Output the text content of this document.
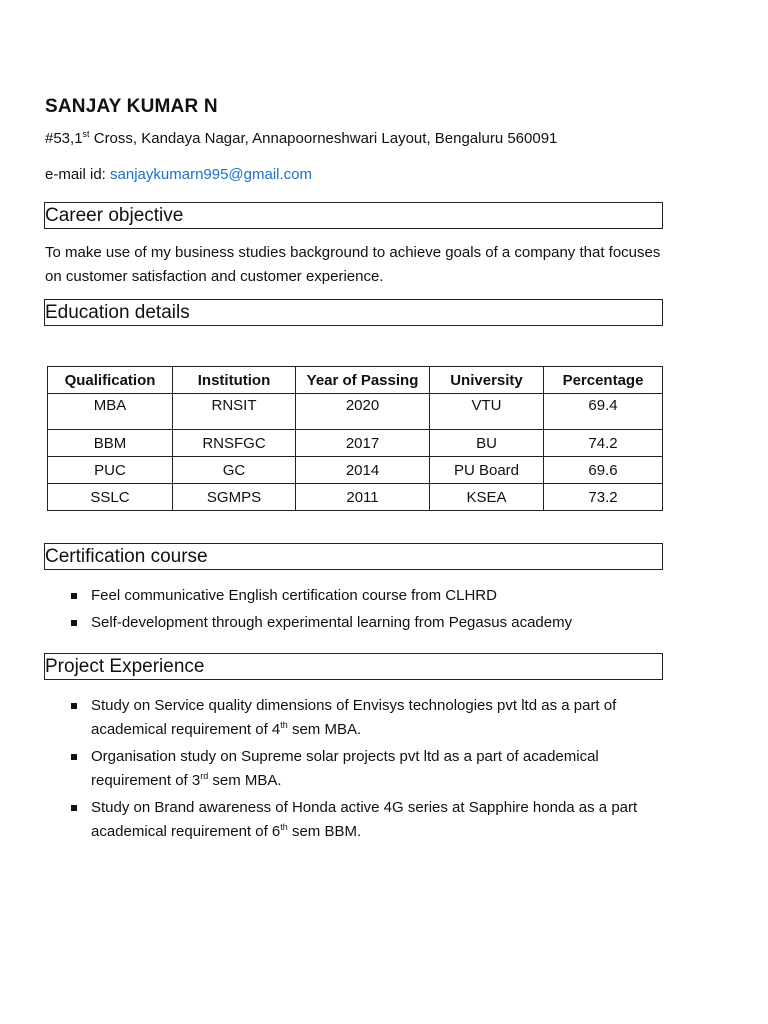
SANJAY KUMAR N
#53,1st Cross, Kandaya Nagar, Annapoorneshwari Layout, Bengaluru 560091
e-mail id: sanjaykumarn995@gmail.com
Career objective
To make use of my business studies background to achieve goals of a company that focuses on customer satisfaction and customer experience.
Education details
Qualification	Institution	Year of Passing	University	Percentage
MBA	RNSIT	2020	VTU	69.4
BBM	RNSFGC	2017	BU	74.2
PUC	GC	2014	PU Board	69.6
SSLC	SGMPS	2011	KSEA	73.2
Certification course
Feel communicative English certification course from CLHRD
Self-development through experimental learning from Pegasus academy
Project Experience
Study on Service quality dimensions of Envisys technologies pvt ltd as a part of academical requirement of 4th sem MBA.
Organisation study on Supreme solar projects pvt ltd as a part of academical requirement of 3rd sem MBA.
Study on Brand awareness of Honda active 4G series at Sapphire honda as a part academical requirement of 6th sem BBM.
